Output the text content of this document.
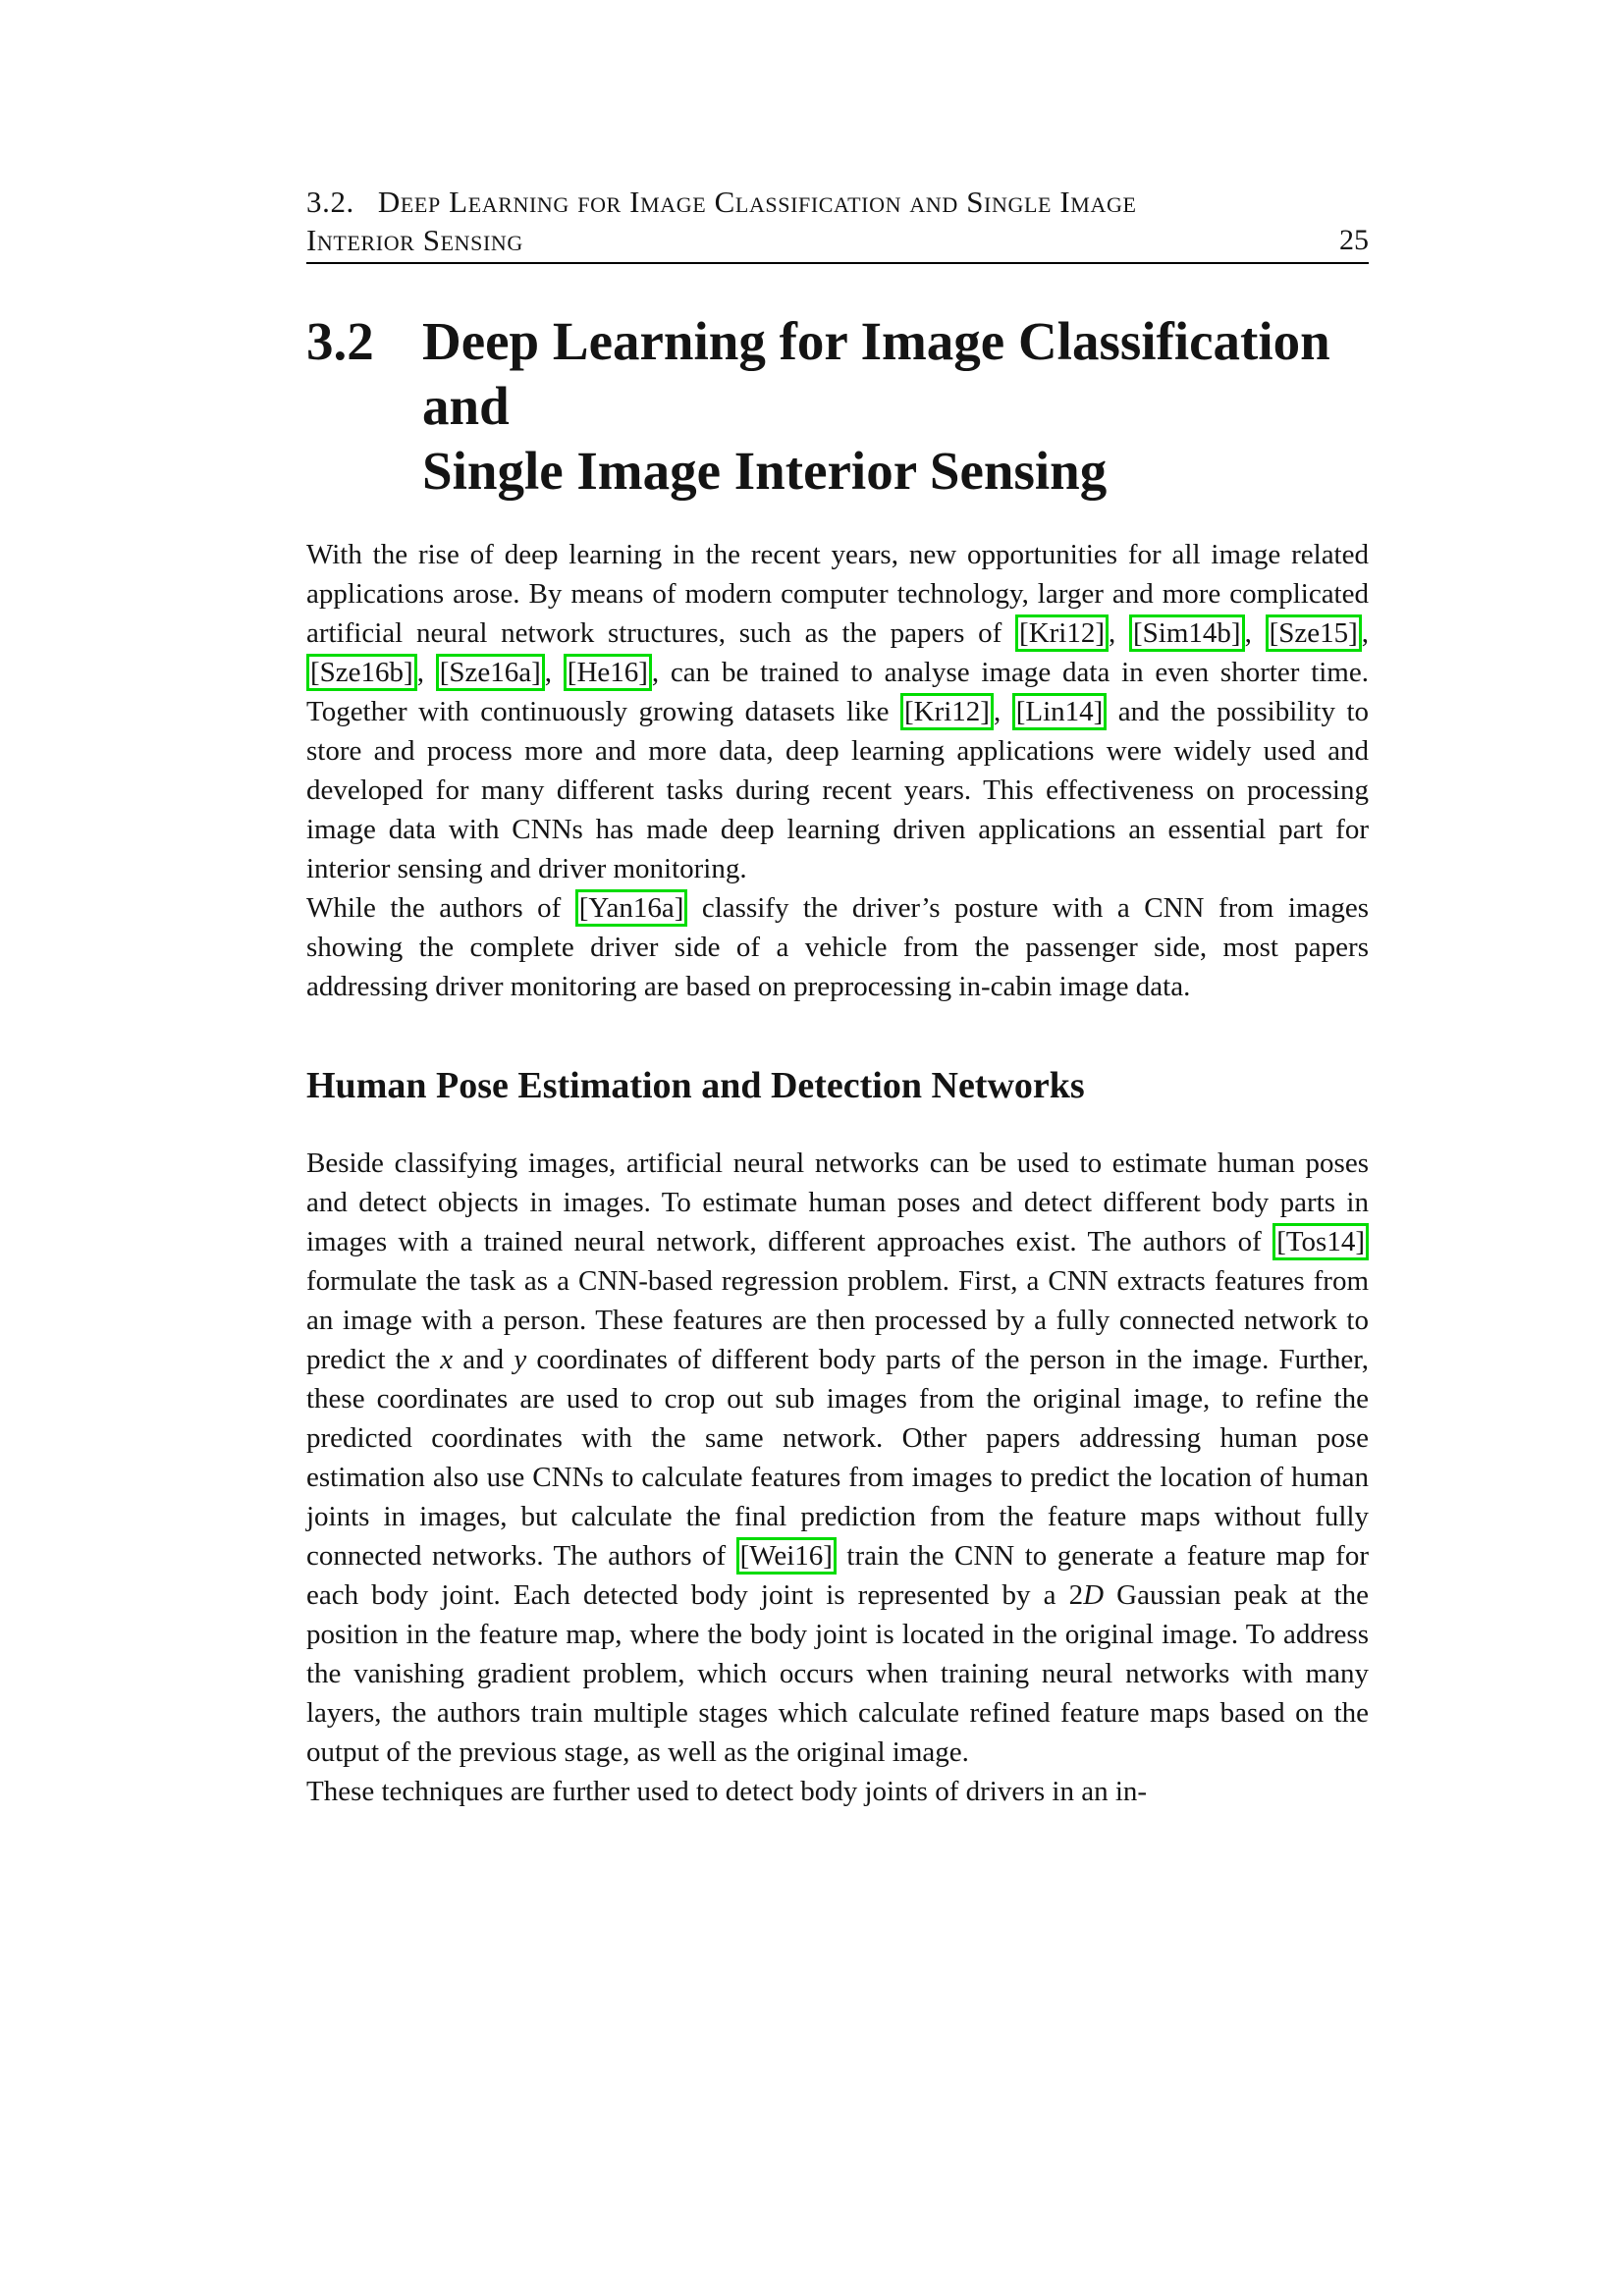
3.2. Deep Learning for Image Classification and Single Image
Interior Sensing	25
3.2 Deep Learning for Image Classification and
Single Image Interior Sensing

With the rise of deep learning in the recent years, new opportunities for all image related applications arose. By means of modern computer technology, larger and more complicated artificial neural network structures, such as the papers of [Kri12] , [Sim14b] , [Sze15] , [Sze16b] , [Sze16a] , [He16] , can be trained to analyse image data in even shorter time. Together with continuously growing datasets like [Kri12] , [Lin14] and the possibility to store and process more and more data, deep learning applications were widely used and developed for many different tasks during recent years. This effectiveness on processing image data with CNNs has made deep learning driven applications an essential part for interior sensing and driver monitoring.

While the authors of [Yan16a] classify the driver’s posture with a CNN from images showing the complete driver side of a vehicle from the passenger side, most papers addressing driver monitoring are based on preprocessing in-cabin image data.

Human Pose Estimation and Detection Networks

Beside classifying images, artificial neural networks can be used to estimate human poses and detect objects in images. To estimate human poses and detect different body parts in images with a trained neural network, different approaches exist. The authors of [Tos14] formulate the task as a CNN-based regression problem. First, a CNN extracts features from an image with a person. These features are then processed by a fully connected network to predict the x and y coordinates of different body parts of the person in the image. Further, these coordinates are used to crop out sub images from the original image, to refine the predicted coordinates with the same network. Other papers addressing human pose estimation also use CNNs to calculate features from images to predict the location of human joints in images, but calculate the final prediction from the feature maps without fully connected networks. The authors of [Wei16] train the CNN to generate a feature map for each body joint. Each detected body joint is represented by a 2D Gaussian peak at the position in the feature map, where the body joint is located in the original image. To address the vanishing gradient problem, which occurs when training neural networks with many layers, the authors train multiple stages which calculate refined feature maps based on the output of the previous stage, as well as the original image.

These techniques are further used to detect body joints of drivers in an in-
